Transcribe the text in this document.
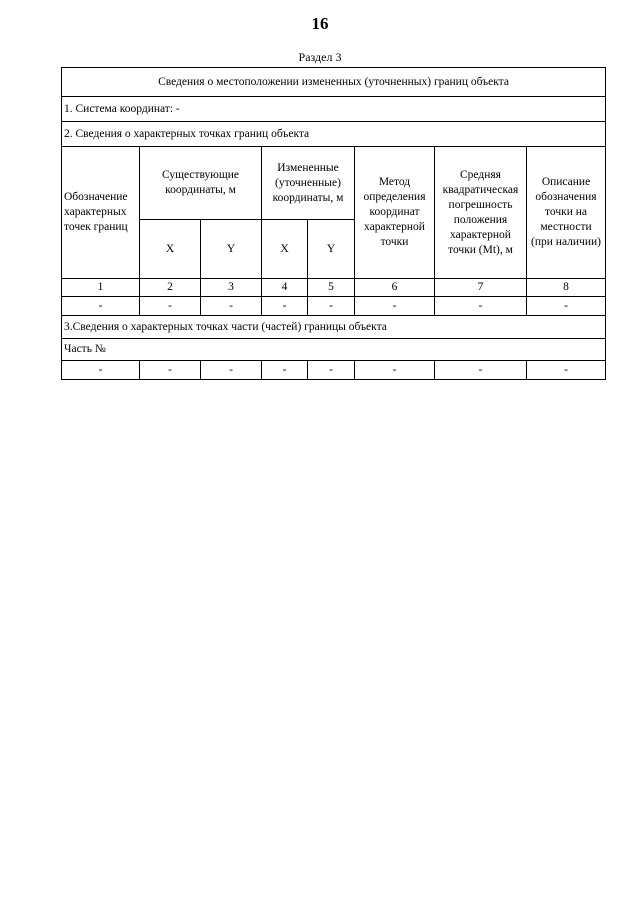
16
Раздел 3
Сведения о местоположении измененных (уточненных) границ объекта							
1. Система координат: -							
2. Сведения о характерных точках границ объекта							
Обозначение характерных точек границ	Существующие координаты, м		Измененные (уточненные) координаты, м		Метод определения координат характерной точки	Средняя квадратическая погрешность положения характерной точки (Mt), м	Описание обозначения точки на местности (при наличии)
	X	Y	X	Y			
1	2	3	4	5	6	7	8
-	-	-	-	-	-	-	-
3.Сведения о характерных точках части (частей) границы объекта							
Часть №							
-	-	-	-	-	-	-	-
